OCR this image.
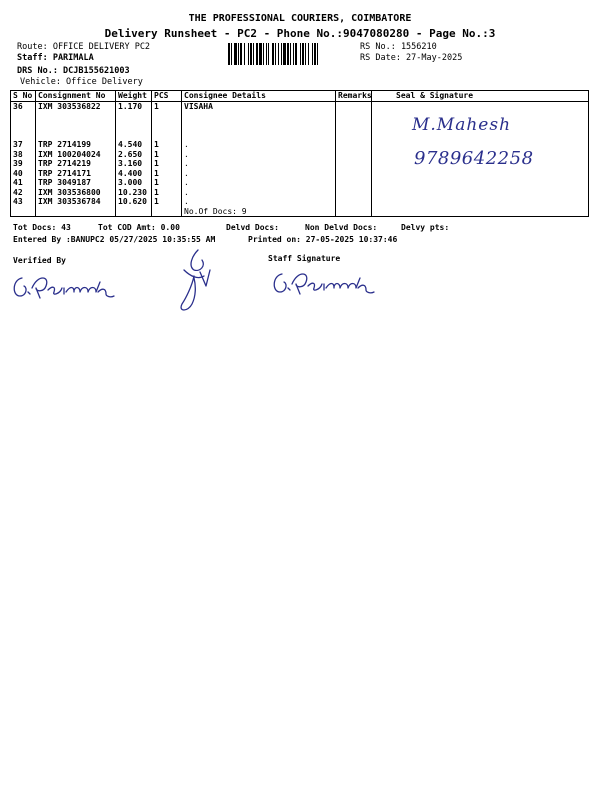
THE PROFESSIONAL COURIERS, COIMBATORE
Delivery Runsheet - PC2 - Phone No.:9047080280 - Page No.:3
Route: OFFICE DELIVERY PC2
Staff: PARIMALA
DRS No.: DCJB155621003
Vehicle: Office Delivery
RS No.: 1556210
RS Date: 27-May-2025
S No	Consignment No	Weight	PCS	Consignee Details	Remarks	Seal & Signature
36	IXM 303536822	1.170	1	VISAHA		

37	TRP 2714199	4.540	1	.		
38	IXM 100204024	2.650	1	.		
39	TRP 2714219	3.160	1	.		
40	TRP 2714171	4.400	1	.		
41	TRP 3049187	3.000	1	.		
42	IXM 303536800	10.230	1	.		
43	IXM 303536784	10.620	1	.		
				No.Of Docs: 9		
M.Mahesh
9789642258
Tot Docs: 43	Tot COD Amt: 0.00	Delvd Docs:	Non Delvd Docs:	Delvy pts:
Entered By :BANUPC2 05/27/2025 10:35:55 AM	Printed on: 27-05-2025 10:37:46
Verified By	Staff Signature
